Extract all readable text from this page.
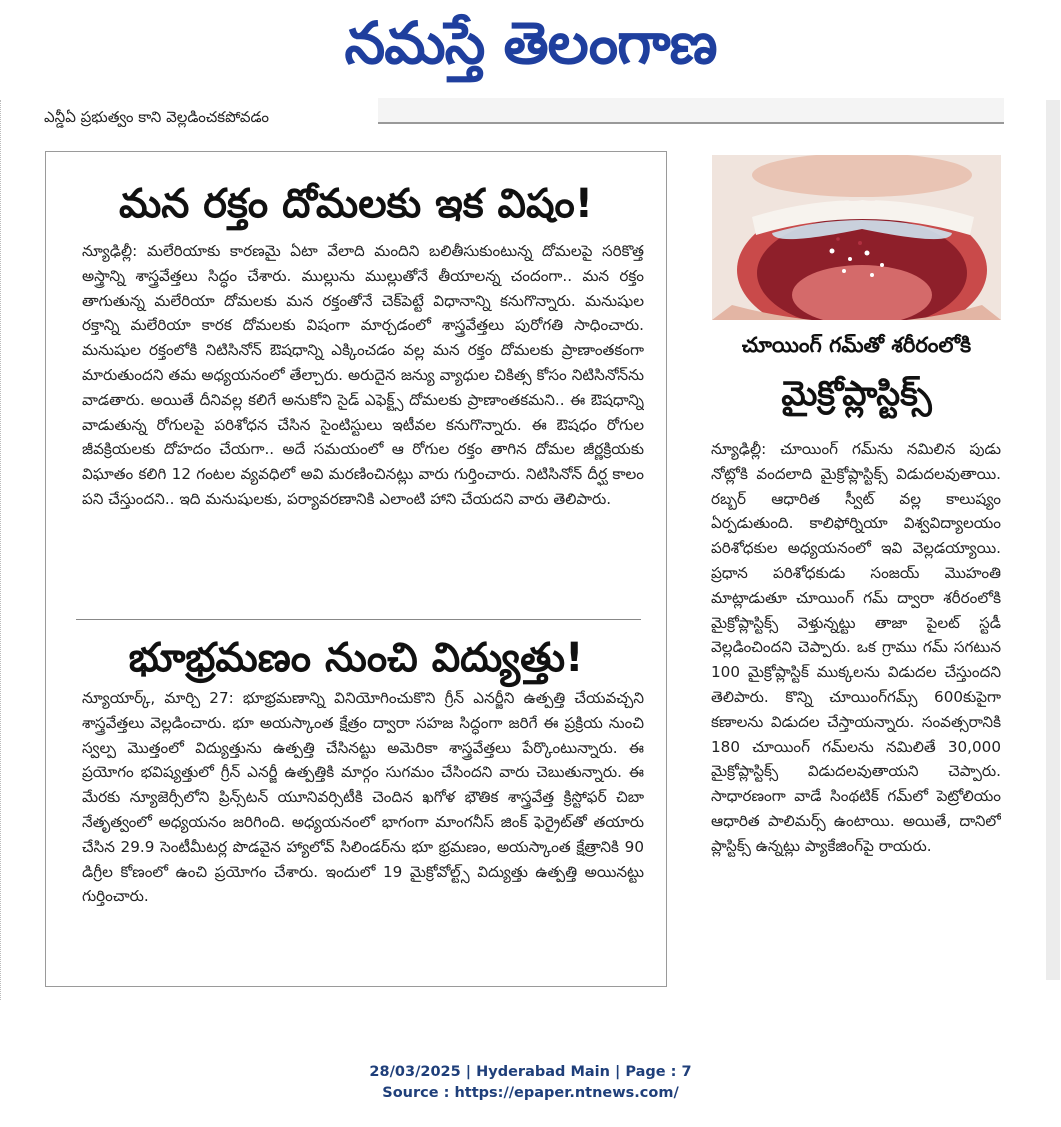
నమస్తే తెలంగాణ
ఎన్డీఏ ప్రభుత్వం కాని వెల్లడించకపోవడం
మన రక్తం దోమలకు ఇక విషం!
న్యూఢిల్లీ: మలేరియాకు కారణమై ఏటా వేలాది మందిని బలితీసుకుంటున్న దోమలపై సరికొత్త అస్త్రాన్ని శాస్త్రవేత్తలు సిద్ధం చేశారు. ముల్లును ముల్లుతోనే తీయాలన్న చందంగా.. మన రక్తం తాగుతున్న మలేరియా దోమలకు మన రక్తంతోనే చెక్‌పెట్టే విధానాన్ని కనుగొన్నారు. మనుషుల రక్తాన్ని మలేరియా కారక దోమలకు విషంగా మార్చడంలో శాస్త్రవేత్తలు పురోగతి సాధించారు. మనుషుల రక్తంలోకి నిటిసినోన్ ఔషధాన్ని ఎక్కించడం వల్ల మన రక్తం దోమలకు ప్రాణాంతకంగా మారుతుందని తమ అధ్యయనంలో తేల్చారు. అరుదైన జన్యు వ్యాధుల చికిత్స కోసం నిటిసినోన్‌ను వాడతారు. అయితే దీనివల్ల కలిగే అనుకోని సైడ్ ఎఫెక్ట్స్ దోమలకు ప్రాణాంతకమని.. ఈ ఔషధాన్ని వాడుతున్న రోగులపై పరిశోధన చేసిన సైంటిస్టులు ఇటీవల కనుగొన్నారు. ఈ ఔషధం రోగుల జీవక్రియలకు దోహదం చేయగా.. అదే సమయంలో ఆ రోగుల రక్తం తాగిన దోమల జీర్ణక్రియకు విఘాతం కలిగి 12 గంటల వ్యవధిలో అవి మరణించినట్లు వారు గుర్తించారు. నిటిసినోన్ దీర్ఘ కాలం పని చేస్తుందని.. ఇది మనుషులకు, పర్యావరణానికి ఎలాంటి హాని చేయదని వారు తెలిపారు.
భూభ్రమణం నుంచి విద్యుత్తు!
న్యూయార్క్, మార్చి 27: భూభ్రమణాన్ని వినియోగించుకొని గ్రీన్ ఎనర్జీని ఉత్పత్తి చేయవచ్చని శాస్త్రవేత్తలు వెల్లడించారు. భూ అయస్కాంత క్షేత్రం ద్వారా సహజ సిద్ధంగా జరిగే ఈ ప్రక్రియ నుంచి స్వల్ప మొత్తంలో విద్యుత్తును ఉత్పత్తి చేసినట్టు అమెరికా శాస్త్రవేత్తలు పేర్కొంటున్నారు. ఈ ప్రయోగం భవిష్యత్తులో గ్రీన్ ఎనర్జీ ఉత్పత్తికి మార్గం సుగమం చేసిందని వారు చెబుతున్నారు. ఈ మేరకు న్యూజెర్సీలోని ప్రిన్స్‌టన్ యూనివర్సిటీకి చెందిన ఖగోళ భౌతిక శాస్త్రవేత్త క్రిస్టోఫర్ చిబా నేతృత్వంలో అధ్యయనం జరిగింది. అధ్యయనంలో భాగంగా మాంగనీస్ జింక్ ఫెర్రైట్‌తో తయారు చేసిన 29.9 సెంటీమీటర్ల పొడవైన హ్యాలోవ్ సిలిండర్‌ను భూ భ్రమణం, అయస్కాంత క్షేత్రానికి 90 డిగ్రీల కోణంలో ఉంచి ప్రయోగం చేశారు. ఇందులో 19 మైక్రోవోల్ట్స్ విద్యుత్తు ఉత్పత్తి అయినట్టు గుర్తించారు.
చూయింగ్ గమ్‌తో శరీరంలోకి
మైక్రోప్లాస్టిక్స్
న్యూఢిల్లీ: చూయింగ్ గమ్‌ను నమిలిన పుడు నోట్లోకి వందలాది మైక్రోప్లాస్టిక్స్ విడుదలవుతాయి. రబ్బర్ ఆధారిత స్వీట్ వల్ల కాలుష్యం ఏర్పడుతుంది. కాలిఫోర్నియా విశ్వవిద్యాలయం పరిశోధకుల అధ్యయనంలో ఇవి వెల్లడయ్యాయి. ప్రధాన పరిశోధకుడు సంజయ్ మొహంతి మాట్లాడుతూ చూయింగ్ గమ్ ద్వారా శరీరంలోకి మైక్రోప్లాస్టిక్స్ వెళ్తున్నట్టు తాజా పైలట్ స్టడీ వెల్లడించిందని చెప్పారు. ఒక గ్రాము గమ్ సగటున 100 మైక్రోప్లాస్టిక్ ముక్కలను విడుదల చేస్తుందని తెలిపారు. కొన్ని చూయింగ్‌గమ్స్ 600కుపైగా కణాలను విడుదల చేస్తాయన్నారు. సంవత్సరానికి 180 చూయింగ్ గమ్‌లను నమిలితే 30,000 మైక్రోప్లాస్టిక్స్ విడుదలవుతాయని చెప్పారు. సాధారణంగా వాడే సింథటిక్ గమ్‌లో పెట్రోలియం ఆధారిత పాలిమర్స్ ఉంటాయి. అయితే, దానిలో ప్లాస్టిక్స్ ఉన్నట్లు ప్యాకేజింగ్‌పై రాయరు.
28/03/2025 | Hyderabad Main | Page : 7
Source : https://epaper.ntnews.com/
